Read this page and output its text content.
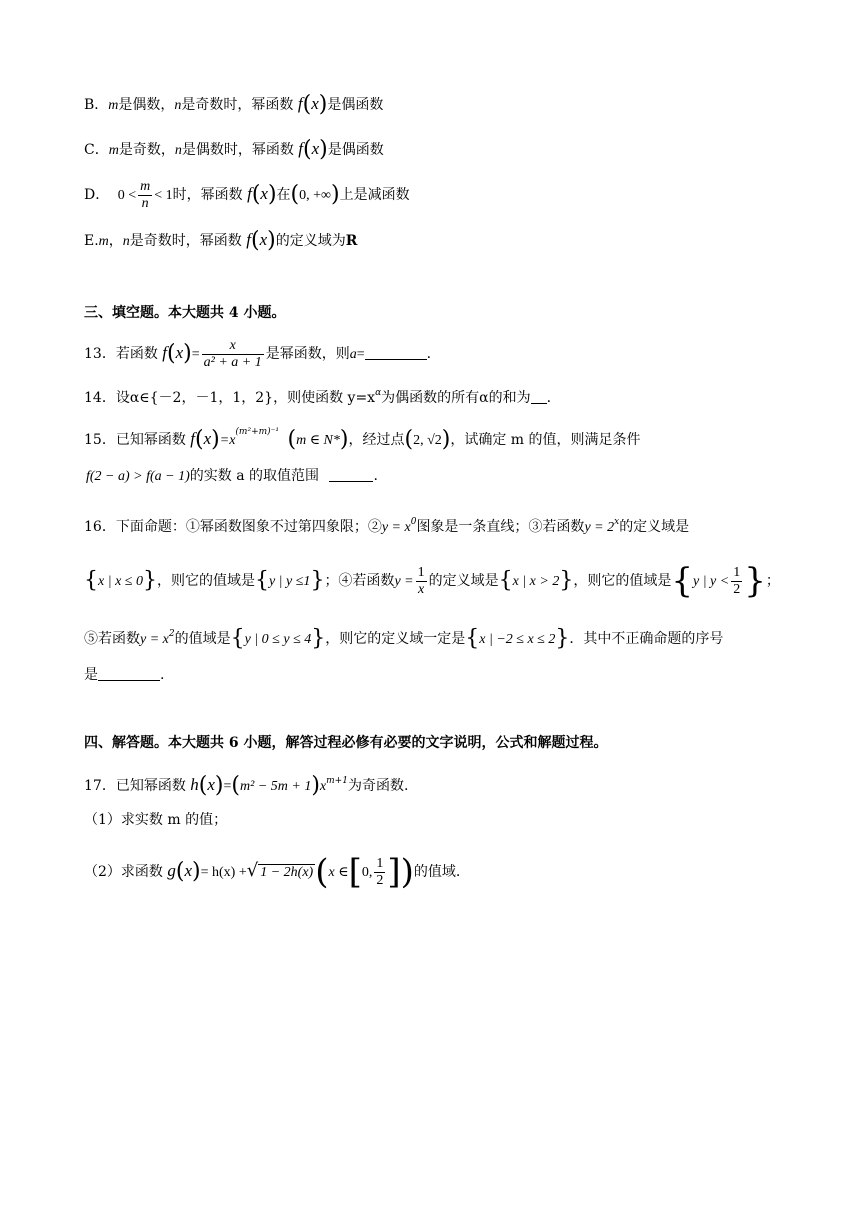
B．m是偶数，n是奇数时，幂函数 f(x)是偶函数
C．m是奇数，n是偶数时，幂函数 f(x)是偶函数
D． $0 < \frac{m}{n} < 1$时，幂函数 f(x)在(0, +∞)上是减函数
E.m，n是奇数时，幂函数 f(x)的定义域为R
三、填空题。本大题共 4 小题。
13．若函数 $f(x)= \frac{x}{\text{a² + a + 1}}$ 是幂函数，则a=	.
14．设α∈{－2，－1，1，2}，则使函数 $y=x^\alpha$为偶函数的所有α的和为 .
15．已知幂函数 $f(x)=x^{(m^2+m)^{-1}}$ (m ∈ N*)，经过点(2, √2)，试确定 m 的值，则满足条件
f(2 − a) > f(a − 1)的实数 a 的取值范围	.
16．下面命题：①幂函数图象不过第四象限；②y = $x^0$图象是一条直线；③若函数$y = 2^x$的定义域是
{x | x ≤ 0}，则它的值域是{y | y ≤1}；④若函数$y = \frac{1}{x}$ 的定义域是{x | x > 2}，则它的值域是{y | $y < \frac{1}{2}$ }；
⑤若函数$y = x^2$的值域是{y | 0 ≤ y ≤ 4}，则它的定义域一定是{x | −2 ≤ x ≤ 2}．其中不正确命题的序号
是	.
四、解答题。本大题共 6 小题，解答过程必修有必要的文字说明，公式和解题过程。
17．已知幂函数 $h(x)=(m^2 - 5m + 1)x^{m+1}$为奇函数.
（1）求实数 m 的值；
（2）求函数 g(x)= h(x) +√ 1 − 2h(x)(x ∈[0, $\frac{1}{2}$ ])的值域.
